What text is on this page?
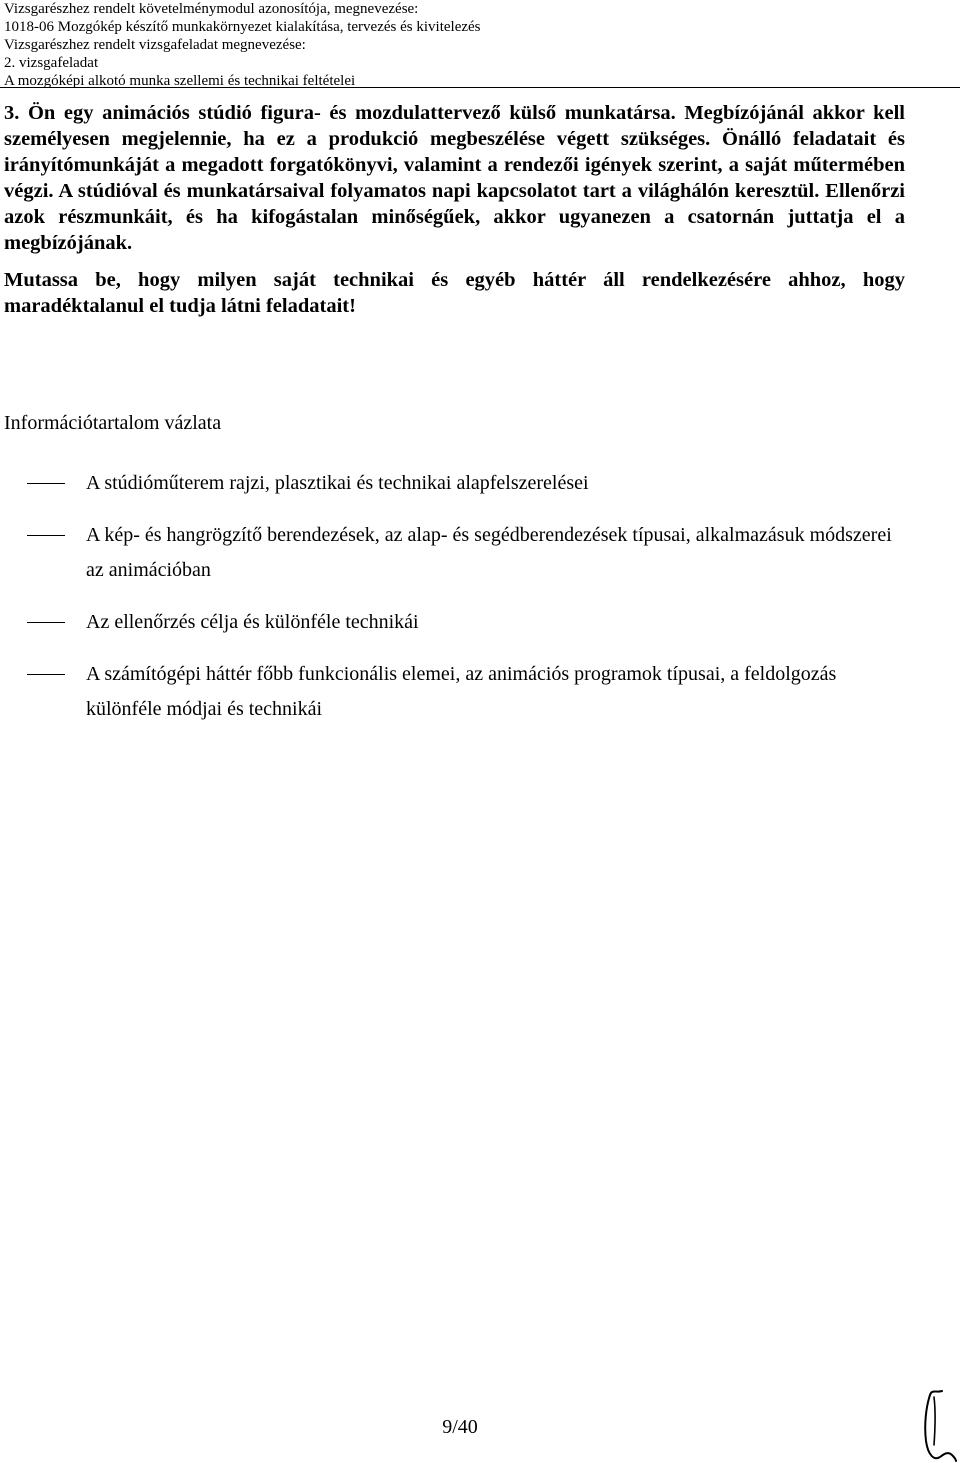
Vizsgarészhez rendelt követelménymodul azonosítója, megnevezése:
1018-06 Mozgókép készítő munkakörnyezet kialakítása, tervezés és kivitelezés
Vizsgarészhez rendelt vizsgafeladat megnevezése:
2. vizsgafeladat
A mozgóképi alkotó munka szellemi és technikai feltételei

3. Ön egy animációs stúdió figura- és mozdulattervező külső munkatársa. Megbízójánál akkor kell személyesen megjelennie, ha ez a produkció megbeszélése végett szükséges. Önálló feladatait és irányítómunkáját a megadott forgatókönyvi, valamint a rendezői igények szerint, a saját műtermében végzi. A stúdióval és munkatársaival folyamatos napi kapcsolatot tart a világhálón keresztül. Ellenőrzi azok részmunkáit, és ha kifogástalan minőségűek, akkor ugyanezen a csatornán juttatja el a megbízójának.

Mutassa be, hogy milyen saját technikai és egyéb háttér áll rendelkezésére ahhoz, hogy maradéktalanul el tudja látni feladatait!

Információtartalom vázlata
A stúdióműterem rajzi, plasztikai és technikai alapfelszerelései
A kép- és hangrögzítő berendezések, az alap- és segédberendezések típusai, alkalmazásuk módszerei az animációban
Az ellenőrzés célja és különféle technikái
A számítógépi háttér főbb funkcionális elemei, az animációs programok típusai, a feldolgozás különféle módjai és technikái
9/40
